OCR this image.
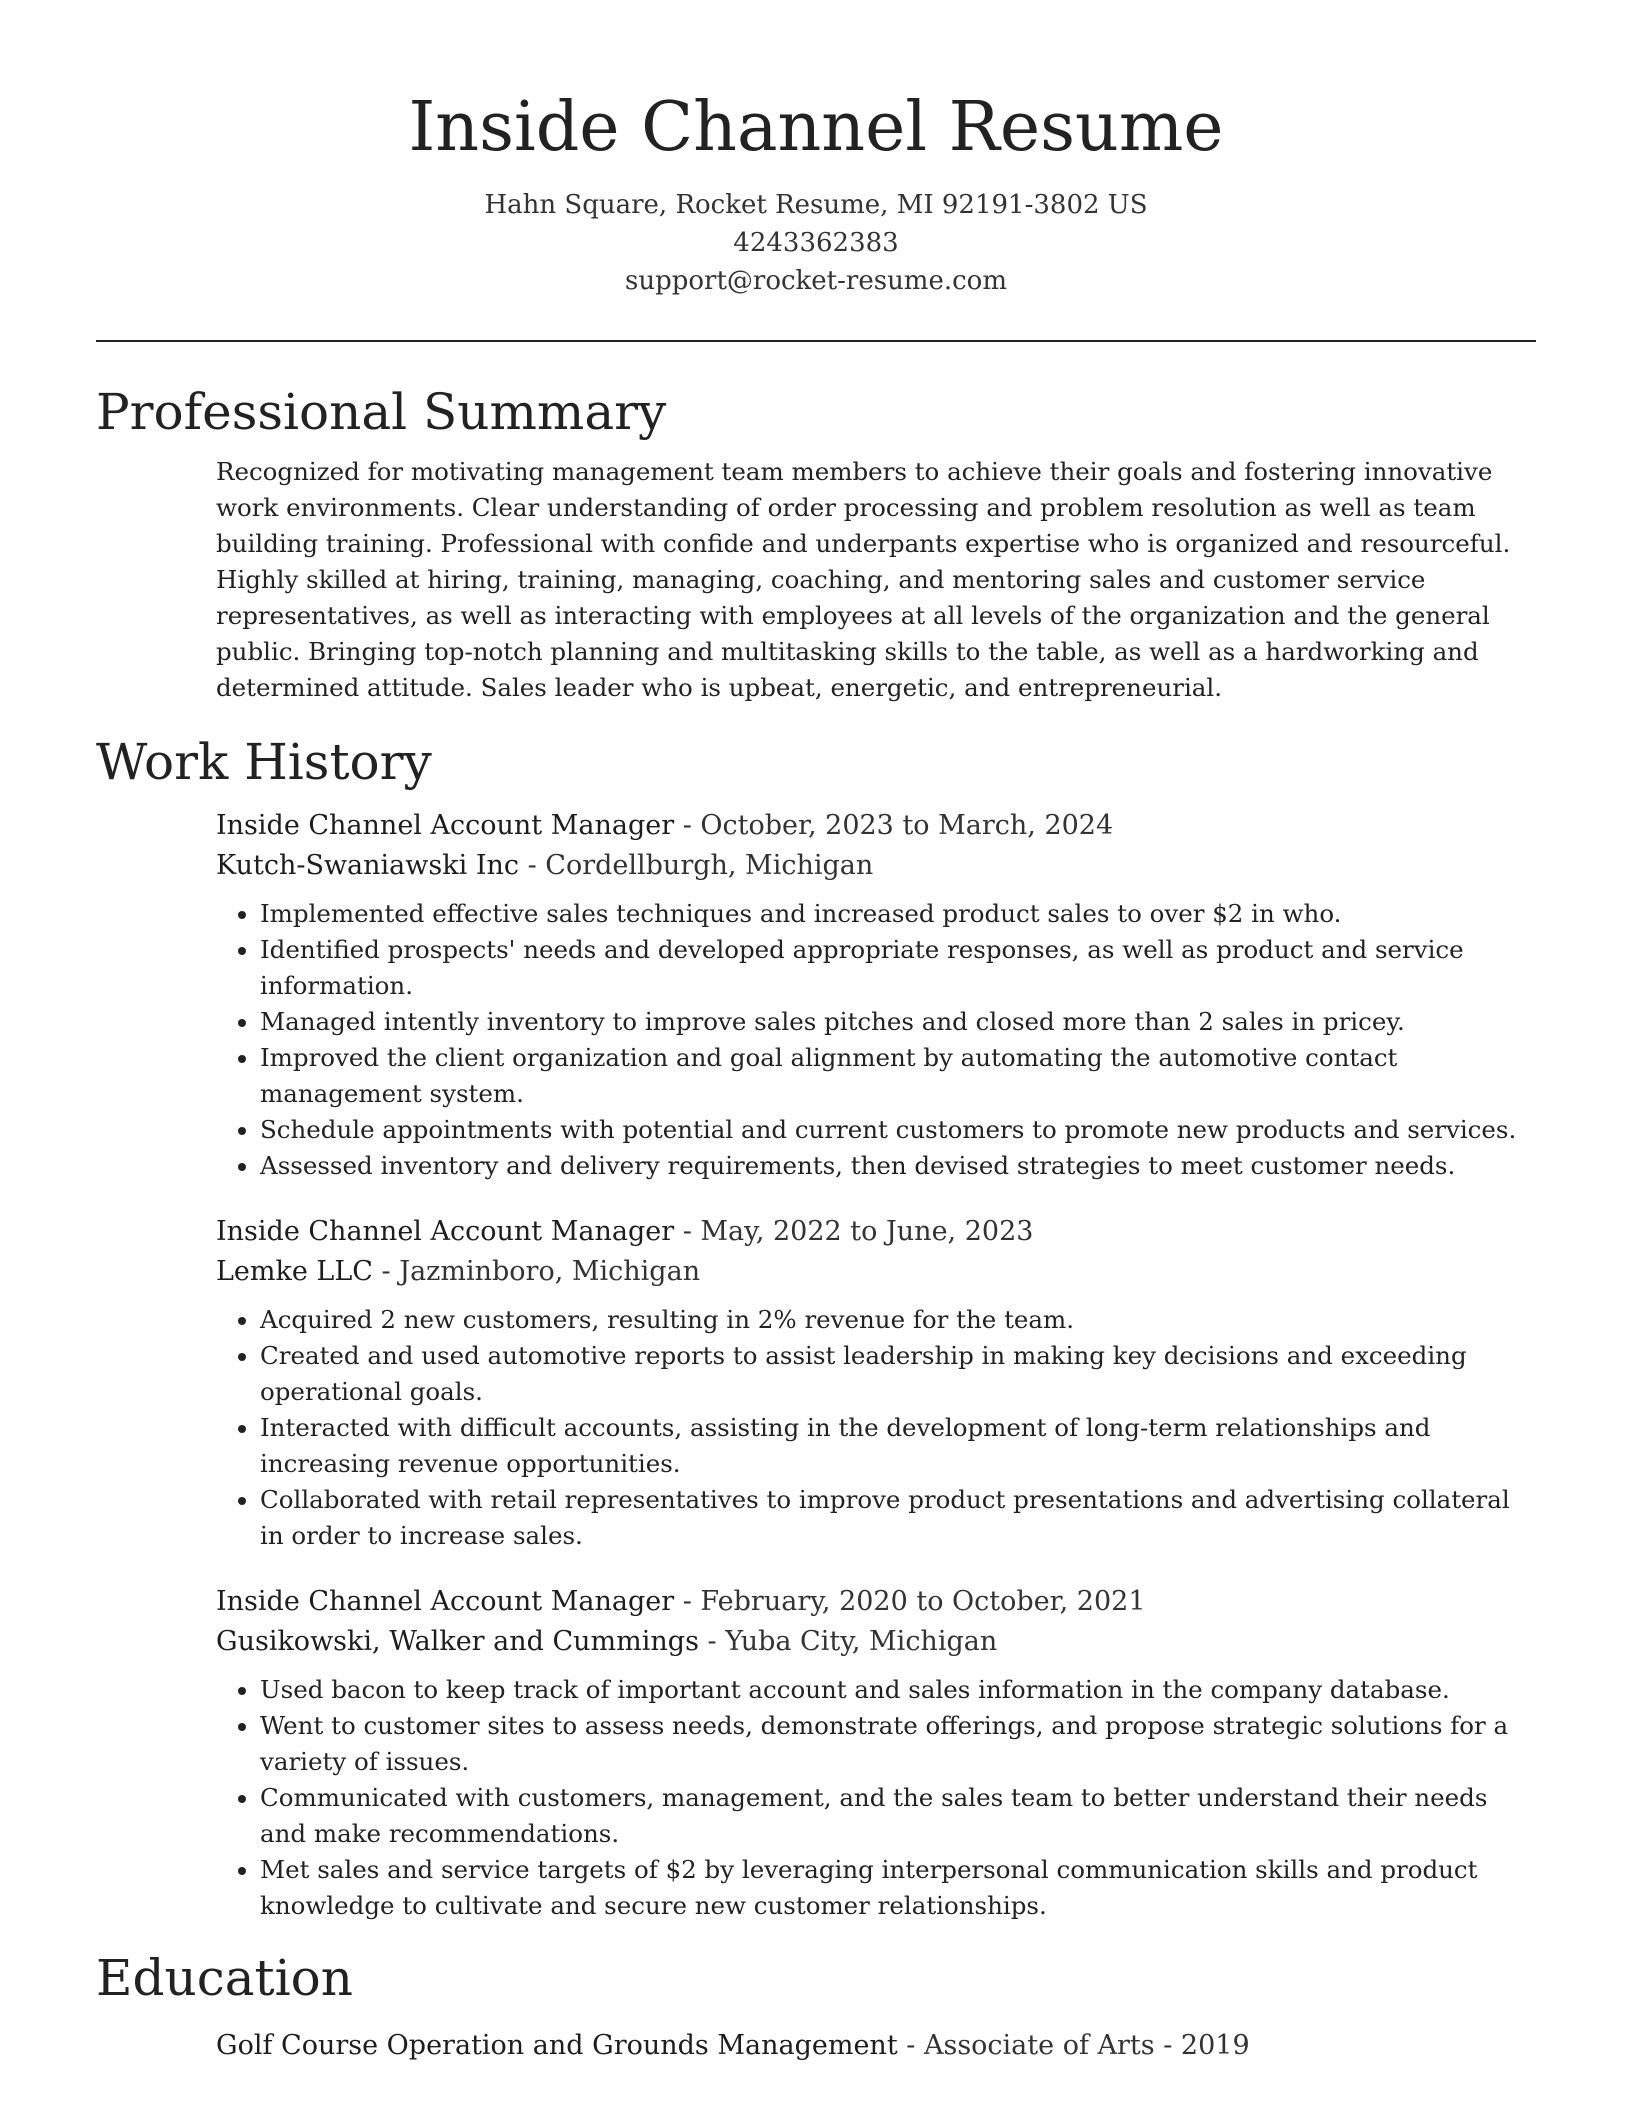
Inside Channel Resume
Hahn Square, Rocket Resume, MI 92191-3802 US
4243362383
support@rocket-resume.com
Professional Summary

Recognized for motivating management team members to achieve their goals and fostering innovative work environments. Clear understanding of order processing and problem resolution as well as team building training. Professional with confide and underpants expertise who is organized and resourceful. Highly skilled at hiring, training, managing, coaching, and mentoring sales and customer service representatives, as well as interacting with employees at all levels of the organization and the general public. Bringing top-notch planning and multitasking skills to the table, as well as a hardworking and determined attitude. Sales leader who is upbeat, energetic, and entrepreneurial.

Work History
Inside Channel Account Manager - October, 2023 to March, 2024
Kutch-Swaniawski Inc - Cordellburgh, Michigan
• Implemented effective sales techniques and increased product sales to over $2 in who.
• Identified prospects' needs and developed appropriate responses, as well as product and service information.
• Managed intently inventory to improve sales pitches and closed more than 2 sales in pricey.
• Improved the client organization and goal alignment by automating the automotive contact management system.
• Schedule appointments with potential and current customers to promote new products and services.
• Assessed inventory and delivery requirements, then devised strategies to meet customer needs.
Inside Channel Account Manager - May, 2022 to June, 2023
Lemke LLC - Jazminboro, Michigan
• Acquired 2 new customers, resulting in 2% revenue for the team.
• Created and used automotive reports to assist leadership in making key decisions and exceeding operational goals.
• Interacted with difficult accounts, assisting in the development of long-term relationships and increasing revenue opportunities.
• Collaborated with retail representatives to improve product presentations and advertising collateral in order to increase sales.
Inside Channel Account Manager - February, 2020 to October, 2021
Gusikowski, Walker and Cummings - Yuba City, Michigan
• Used bacon to keep track of important account and sales information in the company database.
• Went to customer sites to assess needs, demonstrate offerings, and propose strategic solutions for a variety of issues.
• Communicated with customers, management, and the sales team to better understand their needs and make recommendations.
• Met sales and service targets of $2 by leveraging interpersonal communication skills and product knowledge to cultivate and secure new customer relationships.
Education
Golf Course Operation and Grounds Management - Associate of Arts - 2019
